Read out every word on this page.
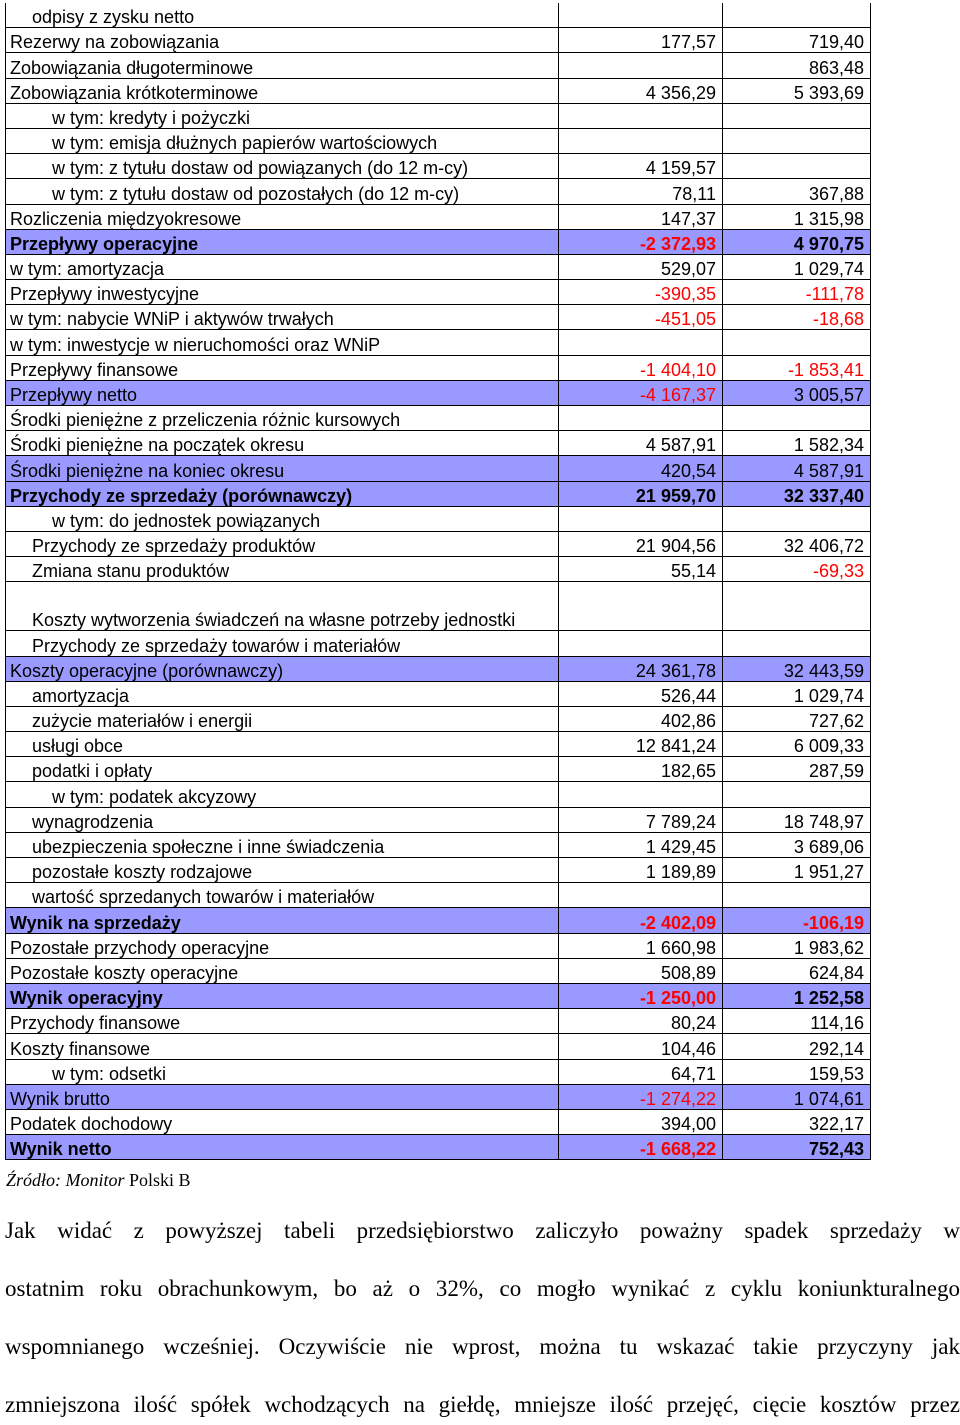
odpisy z zysku netto		
Rezerwy na zobowiązania	177,57	719,40
Zobowiązania długoterminowe		863,48
Zobowiązania krótkoterminowe	4 356,29	5 393,69
w tym: kredyty i pożyczki		
w tym: emisja dłużnych papierów wartościowych		
w tym: z tytułu dostaw od powiązanych (do 12 m-cy)	4 159,57	
w tym: z tytułu dostaw od pozostałych (do 12 m-cy)	78,11	367,88
Rozliczenia międzyokresowe	147,37	1 315,98
Przepływy operacyjne	-2 372,93	4 970,75
w tym: amortyzacja	529,07	1 029,74
Przepływy inwestycyjne	-390,35	-111,78
w tym: nabycie WNiP i aktywów trwałych	-451,05	-18,68
w tym: inwestycje w nieruchomości oraz WNiP		
Przepływy finansowe	-1 404,10	-1 853,41
Przepływy netto	-4 167,37	3 005,57
Środki pieniężne z przeliczenia różnic kursowych		
Środki pieniężne na początek okresu	4 587,91	1 582,34
Środki pieniężne na koniec okresu	420,54	4 587,91
Przychody ze sprzedaży (porównawczy)	21 959,70	32 337,40
w tym: do jednostek powiązanych		
Przychody ze sprzedaży produktów	21 904,56	32 406,72
Zmiana stanu produktów	55,14	-69,33
Koszty wytworzenia świadczeń na własne potrzeby jednostki		
Przychody ze sprzedaży towarów i materiałów		
Koszty operacyjne (porównawczy)	24 361,78	32 443,59
amortyzacja	526,44	1 029,74
zużycie materiałów i energii	402,86	727,62
usługi obce	12 841,24	6 009,33
podatki i opłaty	182,65	287,59
w tym: podatek akcyzowy		
wynagrodzenia	7 789,24	18 748,97
ubezpieczenia społeczne i inne świadczenia	1 429,45	3 689,06
pozostałe koszty rodzajowe	1 189,89	1 951,27
wartość sprzedanych towarów i materiałów		
Wynik na sprzedaży	-2 402,09	-106,19
Pozostałe przychody operacyjne	1 660,98	1 983,62
Pozostałe koszty operacyjne	508,89	624,84
Wynik operacyjny	-1 250,00	1 252,58
Przychody finansowe	80,24	114,16
Koszty finansowe	104,46	292,14
w tym: odsetki	64,71	159,53
Wynik brutto	-1 274,22	1 074,61
Podatek dochodowy	394,00	322,17
Wynik netto	-1 668,22	752,43
Źródło: Monitor Polski B
Jak widać z powyższej tabeli przedsiębiorstwo zaliczyło poważny spadek sprzedaży w
ostatnim roku obrachunkowym, bo aż o 32%, co mogło wynikać z cyklu koniunkturalnego
wspomnianego wcześniej. Oczywiście nie wprost, można tu wskazać takie przyczyny jak
zmniejszona ilość spółek wchodzących na giełdę, mniejsze ilość przejęć, cięcie kosztów przez
